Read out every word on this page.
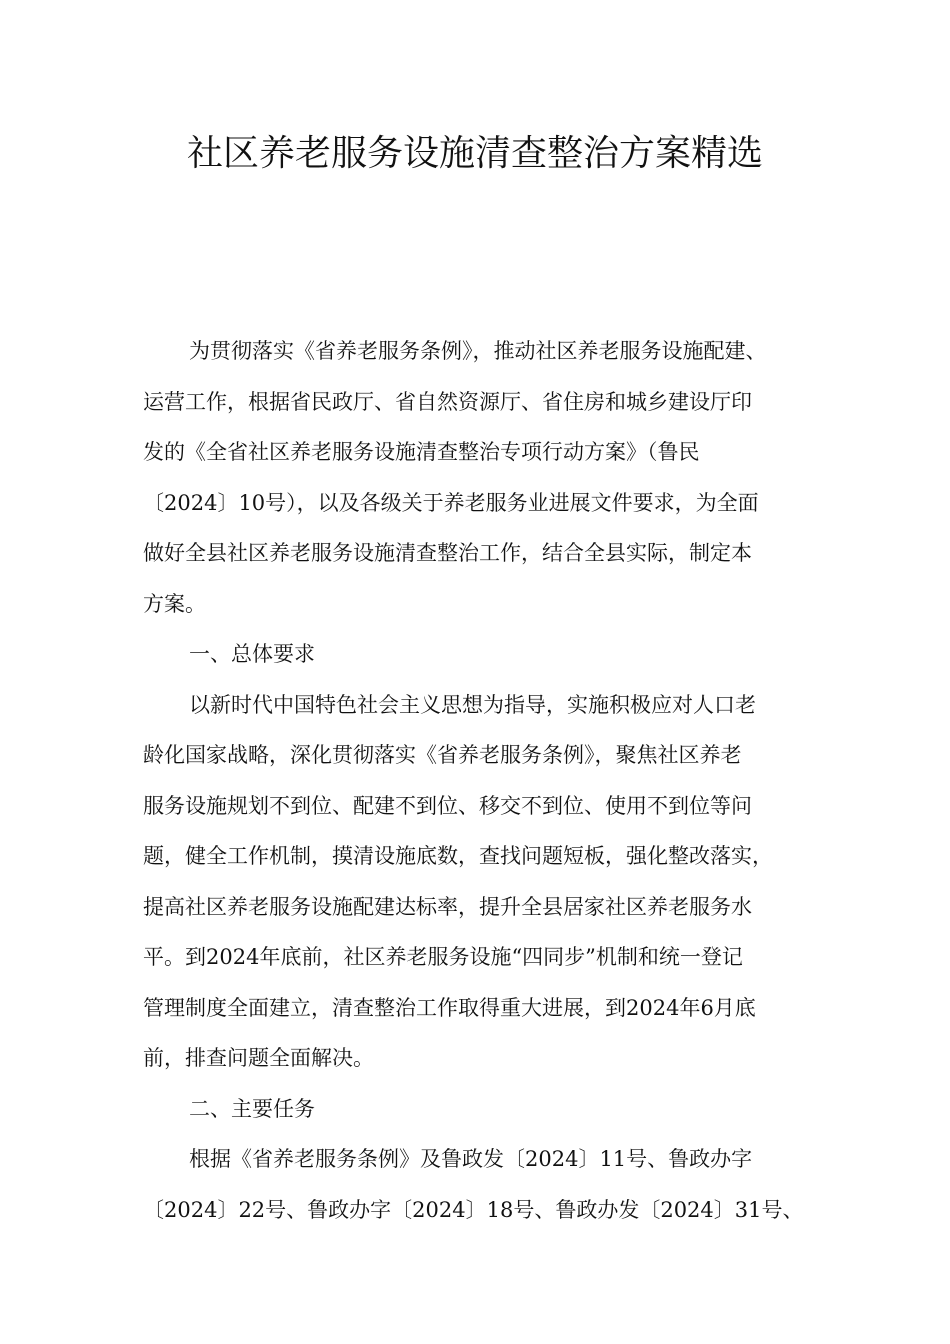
社区养老服务设施清查整治方案精选
为贯彻落实《省养老服务条例》，推动社区养老服务设施配建、
运营工作，根据省民政厅、省自然资源厅、省住房和城乡建设厅印
发的《全省社区养老服务设施清查整治专项行动方案》（鲁民
〔2024〕10号），以及各级关于养老服务业进展文件要求，为全面
做好全县社区养老服务设施清查整治工作，结合全县实际，制定本
方案。
一、总体要求
以新时代中国特色社会主义思想为指导，实施积极应对人口老
龄化国家战略，深化贯彻落实《省养老服务条例》，聚焦社区养老
服务设施规划不到位、配建不到位、移交不到位、使用不到位等问
题，健全工作机制，摸清设施底数，查找问题短板，强化整改落实，
提高社区养老服务设施配建达标率，提升全县居家社区养老服务水
平。到2024年底前，社区养老服务设施“四同步”机制和统一登记
管理制度全面建立，清查整治工作取得重大进展，到2024年6月底
前，排查问题全面解决。
二、主要任务
根据《省养老服务条例》及鲁政发〔2024〕11号、鲁政办字
〔2024〕22号、鲁政办字〔2024〕18号、鲁政办发〔2024〕31号、
